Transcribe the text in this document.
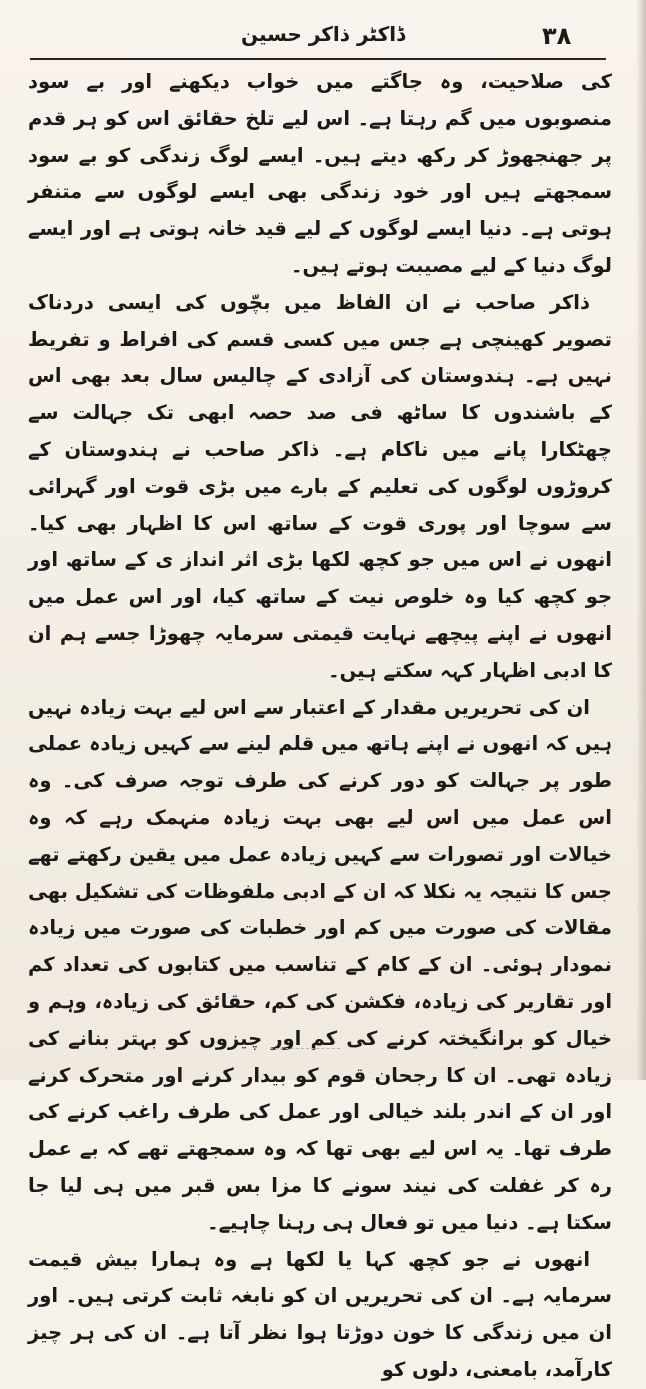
۳۸
ڈاکٹر ذاکر حسین

کی صلاحیت، وہ جاگتے میں خواب دیکھنے اور بے سود منصوبوں میں گم رہتا ہے۔ اس لیے تلخ حقائق اس کو ہر قدم پر جھنجھوڑ کر رکھ دیتے ہیں۔ ایسے لوگ زندگی کو بے سود سمجھتے ہیں اور خود زندگی بھی ایسے لوگوں سے متنفر ہوتی ہے۔ دنیا ایسے لوگوں کے لیے قید خانہ ہوتی ہے اور ایسے لوگ دنیا کے لیے مصیبت ہوتے ہیں۔

ذاکر صاحب نے ان الفاظ میں بچّوں کی ایسی دردناک تصویر کھینچی ہے جس میں کسی قسم کی افراط و تفریط نہیں ہے۔ ہندوستان کی آزادی کے چالیس سال بعد بھی اس کے باشندوں کا ساٹھ فی صد حصہ ابھی تک جہالت سے چھٹکارا پانے میں ناکام ہے۔ ذاکر صاحب نے ہندوستان کے کروڑوں لوگوں کی تعلیم کے بارے میں بڑی قوت اور گہرائی سے سوچا اور پوری قوت کے ساتھ اس کا اظہار بھی کیا۔ انھوں نے اس میں جو کچھ لکھا بڑی اثر انداز ی کے ساتھ اور جو کچھ کیا وہ خلوص نیت کے ساتھ کیا، اور اس عمل میں انھوں نے اپنے پیچھے نہایت قیمتی سرمایہ چھوڑا جسے ہم ان کا ادبی اظہار کہہ سکتے ہیں۔

ان کی تحریریں مقدار کے اعتبار سے اس لیے بہت زیادہ نہیں ہیں کہ انھوں نے اپنے ہاتھ میں قلم لینے سے کہیں زیادہ عملی طور پر جہالت کو دور کرنے کی طرف توجہ صرف کی۔ وہ اس عمل میں اس لیے بھی بہت زیادہ منہمک رہے کہ وہ خیالات اور تصورات سے کہیں زیادہ عمل میں یقین رکھتے تھے جس کا نتیجہ یہ نکلا کہ ان کے ادبی ملفوظات کی تشکیل بھی مقالات کی صورت میں کم اور خطبات کی صورت میں زیادہ نمودار ہوئی۔ ان کے کام کے تناسب میں کتابوں کی تعداد کم اور تقاریر کی زیادہ، فکشن کی کم، حقائق کی زیادہ، وہم و خیال کو برانگیختہ کرنے کی کم اور چیزوں کو بہتر بنانے کی زیادہ تھی۔ ان کا رجحان قوم کو بیدار کرنے اور متحرک کرنے اور ان کے اندر بلند خیالی اور عمل کی طرف راغب کرنے کی طرف تھا۔ یہ اس لیے بھی تھا کہ وہ سمجھتے تھے کہ بے عمل رہ کر غفلت کی نیند سونے کا مزا بس قبر میں ہی لیا جا سکتا ہے۔ دنیا میں تو فعال ہی رہنا چاہیے۔

انھوں نے جو کچھ کہا یا لکھا ہے وہ ہمارا بیش قیمت سرمایہ ہے۔ ان کی تحریریں ان کو نابغہ ثابت کرتی ہیں۔ اور ان میں زندگی کا خون دوڑتا ہوا نظر آتا ہے۔ ان کی ہر چیز کارآمد، بامعنی، دلوں کو
